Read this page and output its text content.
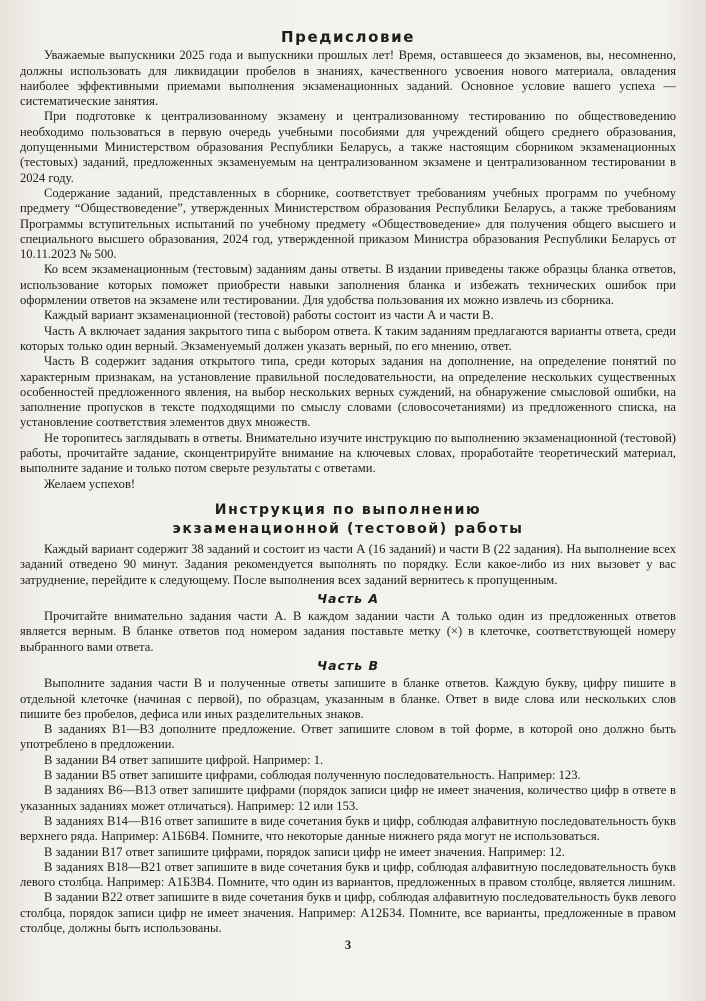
Предисловие

Уважаемые выпускники 2025 года и выпускники прошлых лет! Время, оставшееся до экзаменов, вы, несомненно, должны использовать для ликвидации пробелов в знаниях, качественного усвоения нового материала, овладения наиболее эффективными приемами выполнения экзаменационных заданий. Основное условие вашего успеха — систематические занятия.

При подготовке к централизованному экзамену и централизованному тестированию по обществоведению необходимо пользоваться в первую очередь учебными пособиями для учреждений общего среднего образования, допущенными Министерством образования Республики Беларусь, а также настоящим сборником экзаменационных (тестовых) заданий, предложенных экзаменуемым на централизованном экзамене и централизованном тестировании в 2024 году.

Содержание заданий, представленных в сборнике, соответствует требованиям учебных программ по учебному предмету “Обществоведение”, утвержденных Министерством образования Республики Беларусь, а также требованиям Программы вступительных испытаний по учебному предмету «Обществоведение» для получения общего высшего и специального высшего образования, 2024 год, утвержденной приказом Министра образования Республики Беларусь от 10.11.2023 № 500.

Ко всем экзаменационным (тестовым) заданиям даны ответы. В издании приведены также образцы бланка ответов, использование которых поможет приобрести навыки заполнения бланка и избежать технических ошибок при оформлении ответов на экзамене или тестировании. Для удобства пользования их можно извлечь из сборника.

Каждый вариант экзаменационной (тестовой) работы состоит из части А и части В.

Часть А включает задания закрытого типа с выбором ответа. К таким заданиям предлагаются варианты ответа, среди которых только один верный. Экзаменуемый должен указать верный, по его мнению, ответ.

Часть В содержит задания открытого типа, среди которых задания на дополнение, на определение понятий по характерным признакам, на установление правильной последовательности, на определение нескольких существенных особенностей предложенного явления, на выбор нескольких верных суждений, на обнаружение смысловой ошибки, на заполнение пропусков в тексте подходящими по смыслу словами (словосочетаниями) из предложенного списка, на установление соответствия элементов двух множеств.

Не торопитесь заглядывать в ответы. Внимательно изучите инструкцию по выполнению экзаменационной (тестовой) работы, прочитайте задание, сконцентрируйте внимание на ключевых словах, проработайте теоретический материал, выполните задание и только потом сверьте результаты с ответами.

Желаем успехов!

Инструкция по выполнению
экзаменационной (тестовой) работы

Каждый вариант содержит 38 заданий и состоит из части А (16 заданий) и части В (22 задания). На выполнение всех заданий отведено 90 минут. Задания рекомендуется выполнять по порядку. Если какое-либо из них вызовет у вас затруднение, перейдите к следующему. После выполнения всех заданий вернитесь к пропущенным.

Часть А

Прочитайте внимательно задания части А. В каждом задании части А только один из предложенных ответов является верным. В бланке ответов под номером задания поставьте метку (×) в клеточке, соответствующей номеру выбранного вами ответа.

Часть В

Выполните задания части В и полученные ответы запишите в бланке ответов. Каждую букву, цифру пишите в отдельной клеточке (начиная с первой), по образцам, указанным в бланке. Ответ в виде слова или нескольких слов пишите без пробелов, дефиса или иных разделительных знаков.

В заданиях В1—В3 дополните предложение. Ответ запишите словом в той форме, в которой оно должно быть употреблено в предложении.

В задании В4 ответ запишите цифрой. Например: 1.

В задании В5 ответ запишите цифрами, соблюдая полученную последовательность. Например: 123.

В заданиях В6—В13 ответ запишите цифрами (порядок записи цифр не имеет значения, количество цифр в ответе в указанных заданиях может отличаться). Например: 12 или 153.

В заданиях В14—В16 ответ запишите в виде сочетания букв и цифр, соблюдая алфавитную последовательность букв верхнего ряда. Например: А1Б6В4. Помните, что некоторые данные нижнего ряда могут не использоваться.

В задании В17 ответ запишите цифрами, порядок записи цифр не имеет значения. Например: 12.

В заданиях В18—В21 ответ запишите в виде сочетания букв и цифр, соблюдая алфавитную последовательность букв левого столбца. Например: А1Б3В4. Помните, что один из вариантов, предложенных в правом столбце, является лишним.

В задании В22 ответ запишите в виде сочетания букв и цифр, соблюдая алфавитную последовательность букв левого столбца, порядок записи цифр не имеет значения. Например: А12Б34. Помните, все варианты, предложенные в правом столбце, должны быть использованы.

3
